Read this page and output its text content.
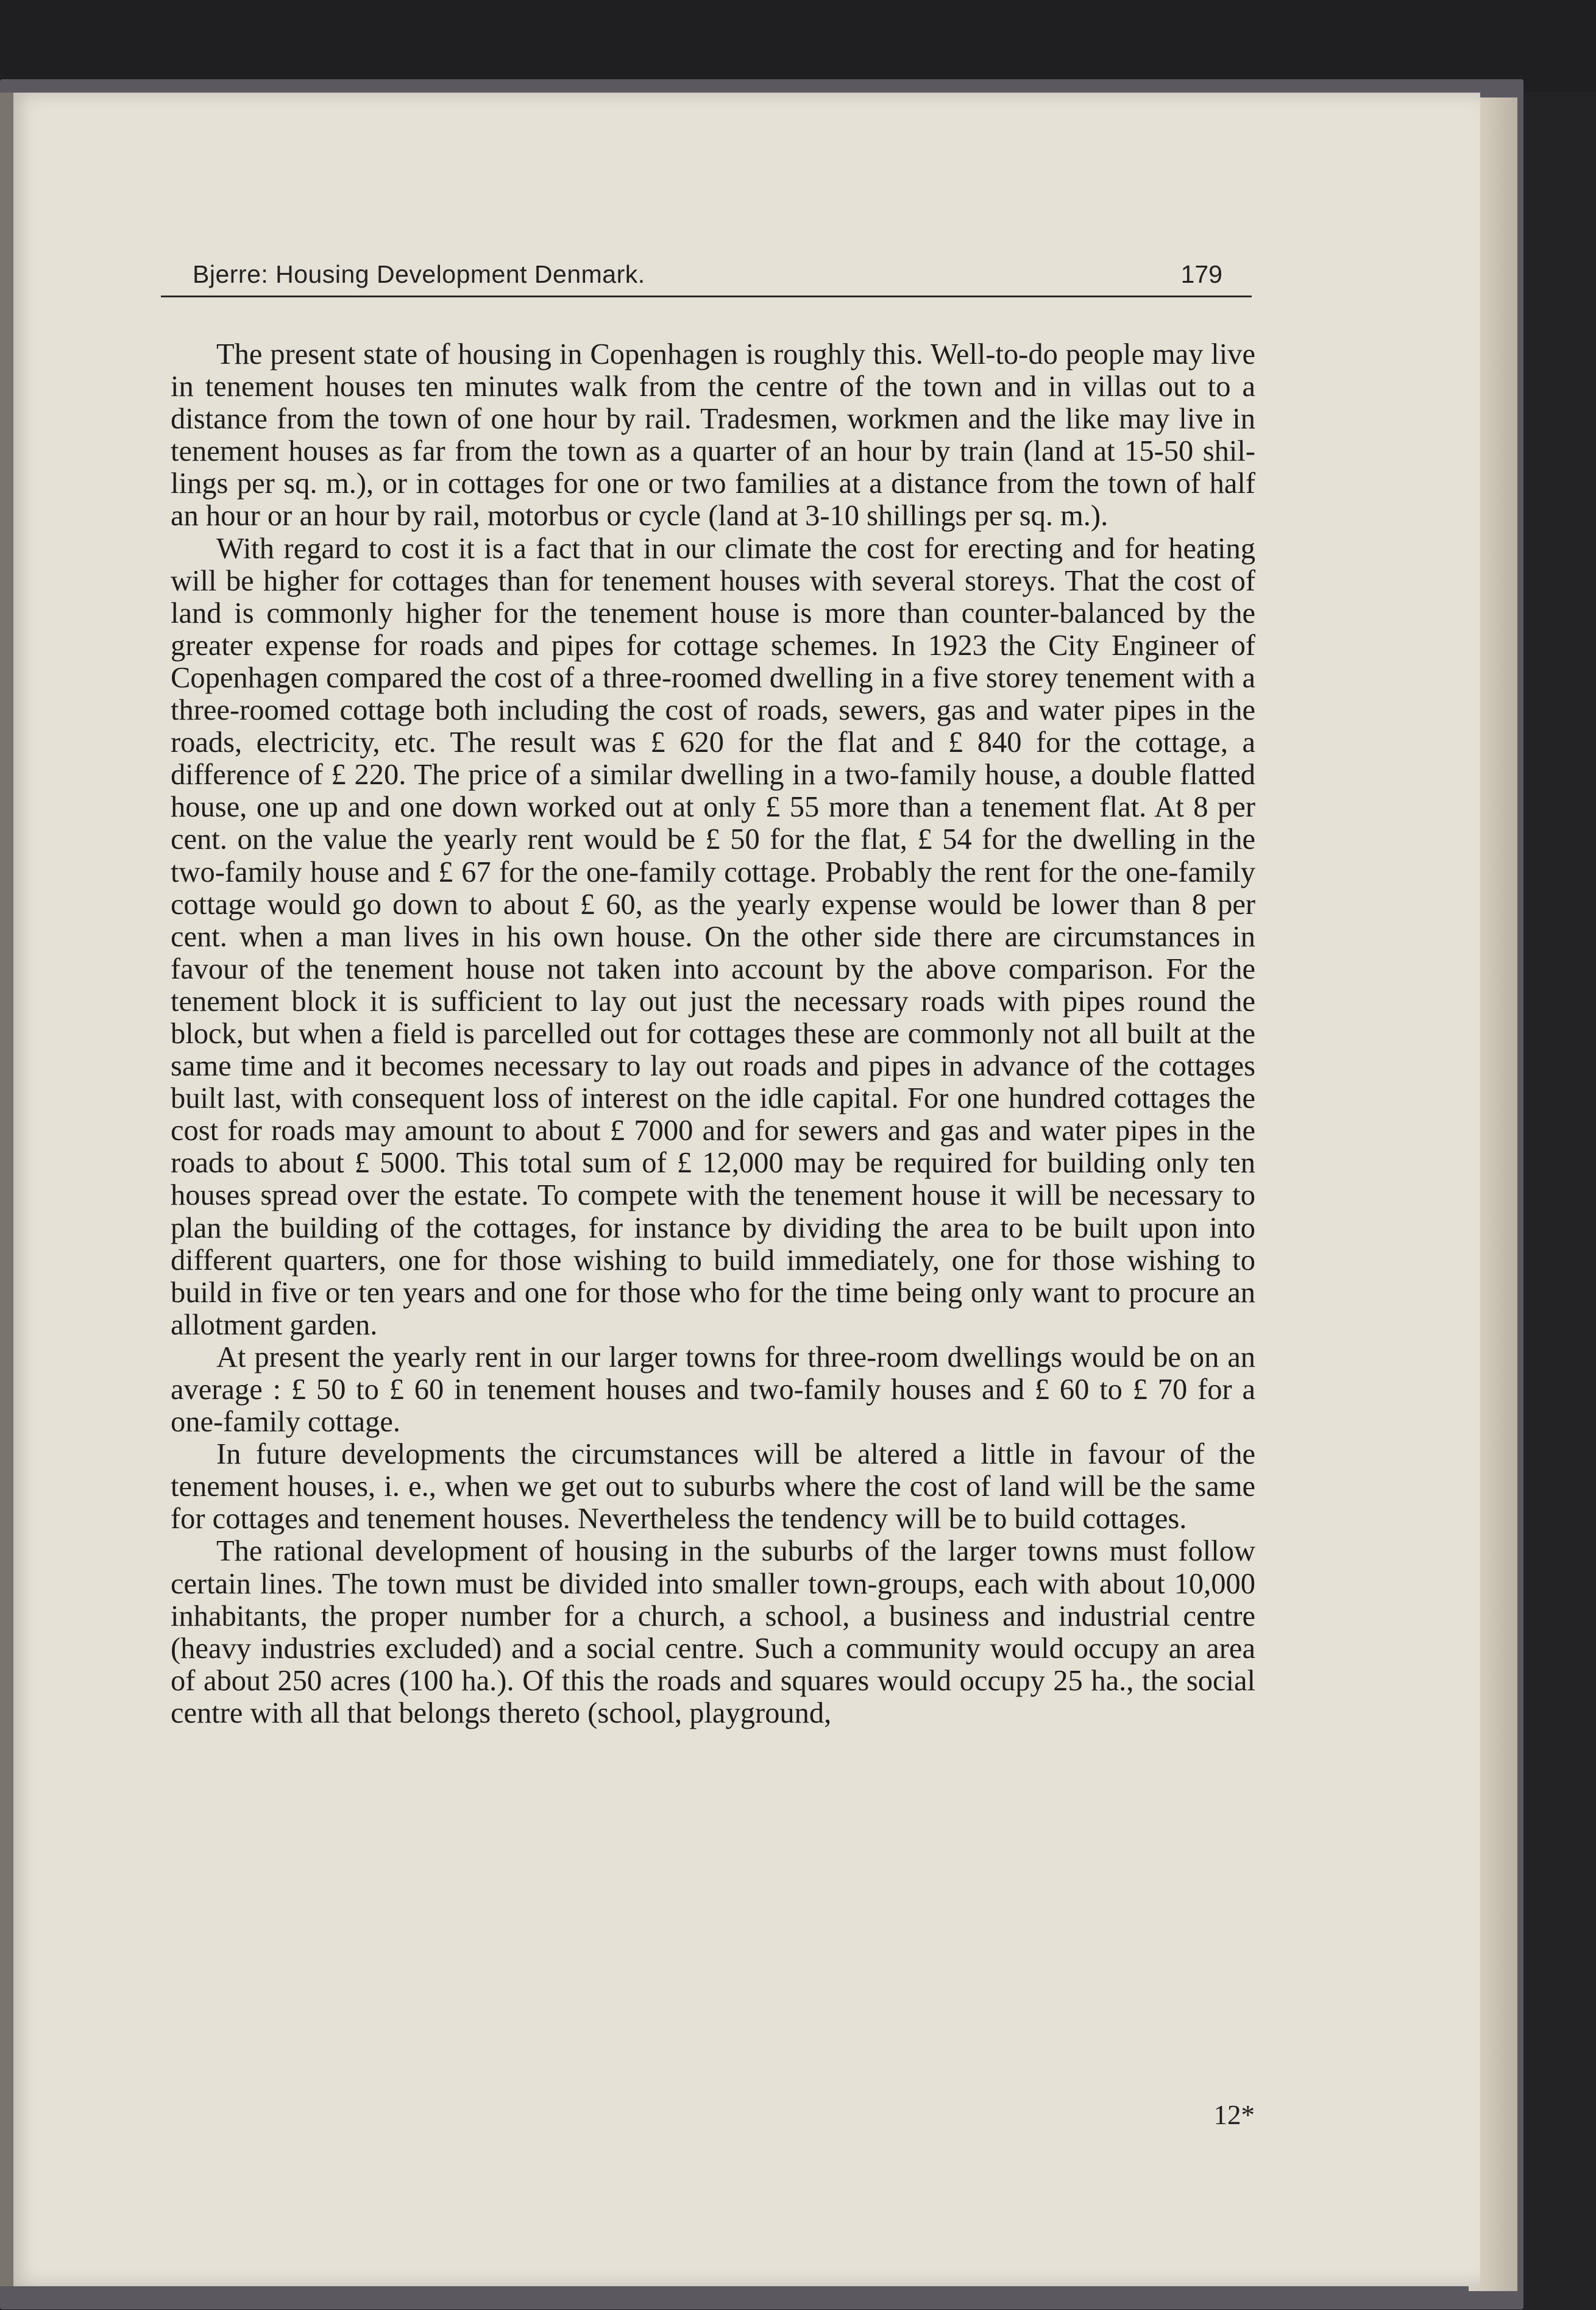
Bjerre: Housing Development Denmark.	179

The present state of housing in Copenhagen is roughly this. Well-to-do people may live in tenement houses ten minutes walk from the centre of the town and in villas out to a distance from the town of one hour by rail. Tradesmen, workmen and the like may live in tenement houses as far from the town as a quarter of an hour by train (land at 15-50 shillings per sq. m.), or in cottages for one or two families at a distance from the town of half an hour or an hour by rail, motorbus or cycle (land at 3-10 shillings per sq. m.).

With regard to cost it is a fact that in our climate the cost for erecting and for heating will be higher for cottages than for tenement houses with several storeys. That the cost of land is commonly higher for the tenement house is more than counter-balanced by the greater expense for roads and pipes for cottage schemes. In 1923 the City Engineer of Copenhagen compared the cost of a three-roomed dwelling in a five storey tenement with a three-roomed cottage both including the cost of roads, sewers, gas and water pipes in the roads, electricity, etc. The result was £ 620 for the flat and £ 840 for the cottage, a difference of £ 220. The price of a similar dwelling in a two-family house, a double flatted house, one up and one down worked out at only £ 55 more than a tenement flat. At 8 per cent. on the value the yearly rent would be £ 50 for the flat, £ 54 for the dwelling in the two-family house and £ 67 for the one-family cottage. Probably the rent for the one-family cottage would go down to about £ 60, as the yearly expense would be lower than 8 per cent. when a man lives in his own house. On the other side there are circumstances in favour of the tenement house not taken into account by the above comparison. For the tenement block it is sufficient to lay out just the necessary roads with pipes round the block, but when a field is parcelled out for cottages these are commonly not all built at the same time and it becomes necessary to lay out roads and pipes in advance of the cottages built last, with consequent loss of interest on the idle capital. For one hundred cottages the cost for roads may amount to about £ 7000 and for sewers and gas and water pipes in the roads to about £ 5000. This total sum of £ 12,000 may be required for building only ten houses spread over the estate. To compete with the tenement house it will be necessary to plan the building of the cottages, for instance by dividing the area to be built upon into different quarters, one for those wishing to build immediately, one for those wishing to build in five or ten years and one for those who for the time being only want to procure an allotment garden.

At present the yearly rent in our larger towns for three-room dwellings would be on an average : £ 50 to £ 60 in tenement houses and two-family houses and £ 60 to £ 70 for a one-family cottage.

In future developments the circumstances will be altered a little in favour of the tenement houses, i. e., when we get out to suburbs where the cost of land will be the same for cottages and tenement houses. Nevertheless the tendency will be to build cottages.

The rational development of housing in the suburbs of the larger towns must follow certain lines. The town must be divided into smaller town-groups, each with about 10,000 inhabitants, the proper number for a church, a school, a business and industrial centre (heavy industries excluded) and a social centre. Such a community would occupy an area of about 250 acres (100 ha.). Of this the roads and squares would occupy 25 ha., the social centre with all that belongs thereto (school, playground,

12*
